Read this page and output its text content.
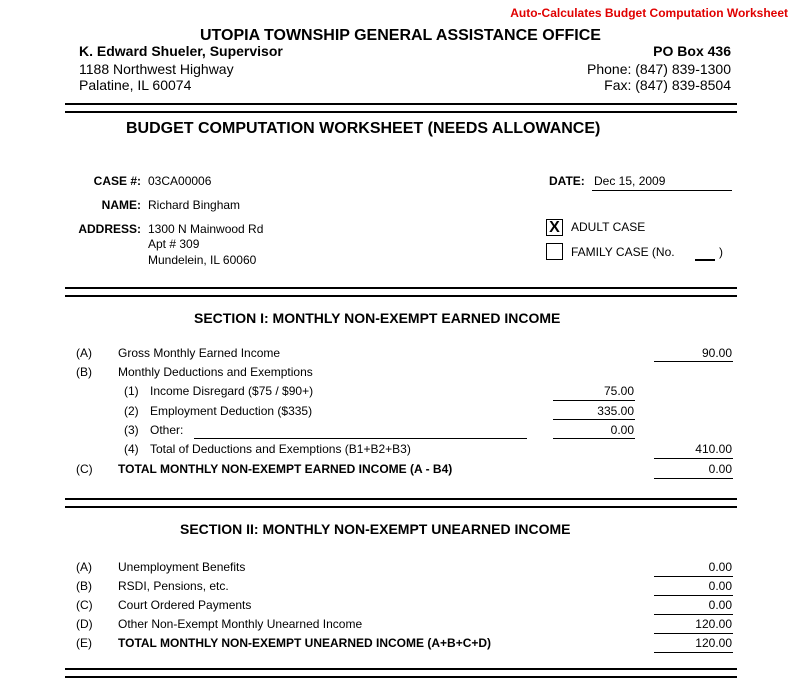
Auto-Calculates Budget Computation Worksheet
UTOPIA TOWNSHIP GENERAL ASSISTANCE OFFICE
K. Edward Shueler, Supervisor
1188 Northwest Highway
Palatine, IL 60074
PO Box 436
Phone: (847) 839-1300
Fax: (847) 839-8504
BUDGET COMPUTATION WORKSHEET (NEEDS ALLOWANCE)
CASE #: 03CA00006
NAME: Richard Bingham
ADDRESS: 1300 N Mainwood Rd
Apt # 309
Mundelein, IL 60060
DATE: Dec 15, 2009
X ADULT CASE
FAMILY CASE (No.	)
SECTION I: MONTHLY NON-EXEMPT EARNED INCOME
(A) Gross Monthly Earned Income	90.00
(B) Monthly Deductions and Exemptions
(1) Income Disregard ($75 / $90+)	75.00
(2) Employment Deduction ($335)	335.00
(3) Other:	0.00
(4) Total of Deductions and Exemptions (B1+B2+B3)	410.00
(C) TOTAL MONTHLY NON-EXEMPT EARNED INCOME (A - B4)	0.00
SECTION II: MONTHLY NON-EXEMPT UNEARNED INCOME
(A) Unemployment Benefits	0.00
(B) RSDI, Pensions, etc.	0.00
(C) Court Ordered Payments	0.00
(D) Other Non-Exempt Monthly Unearned Income	120.00
(E) TOTAL MONTHLY NON-EXEMPT UNEARNED INCOME (A+B+C+D)	120.00
